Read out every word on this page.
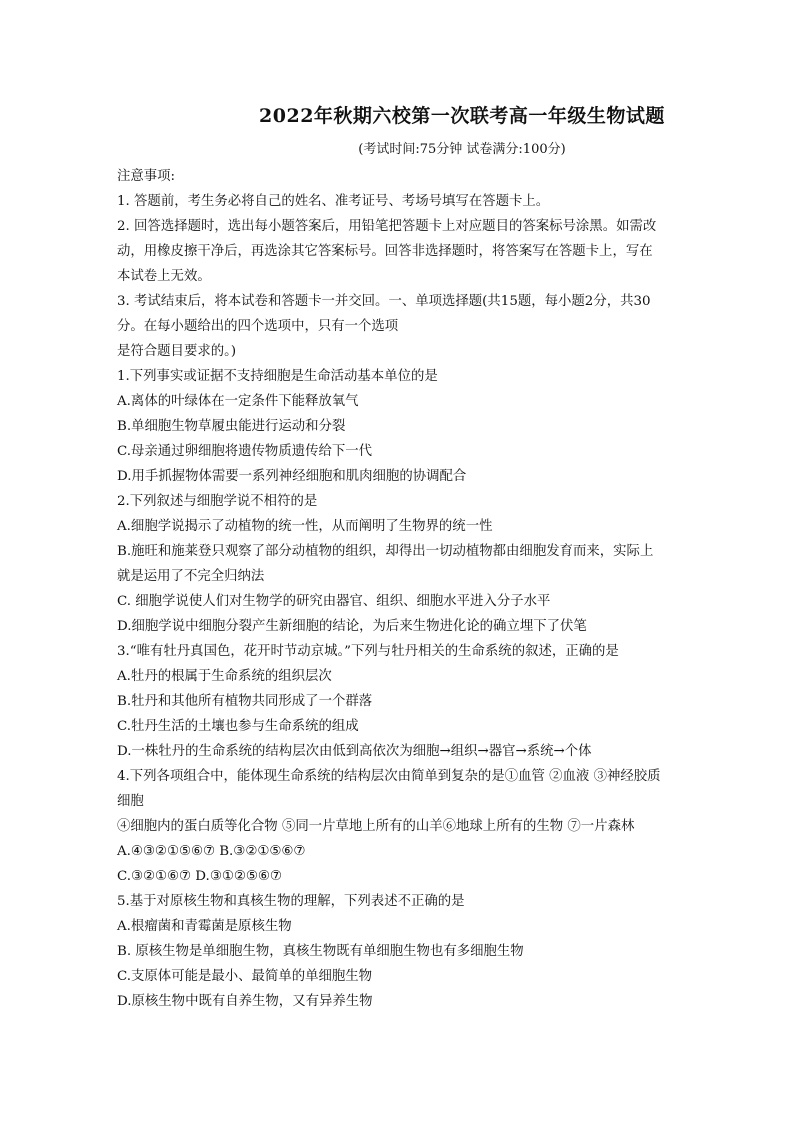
2022年秋期六校第一次联考高一年级生物试题
(考试时间:75分钟 试卷满分:100分)
注意事项:
1. 答题前，考生务必将自己的姓名、准考证号、考场号填写在答题卡上。
2. 回答选择题时，选出每小题答案后，用铅笔把答题卡上对应题目的答案标号涂黑。如需改
动，用橡皮擦干净后，再选涂其它答案标号。回答非选择题时，将答案写在答题卡上，写在
本试卷上无效。
3. 考试结束后，将本试卷和答题卡一并交回。一、单项选择题(共15题，每小题2分，共30
分。在每小题给出的四个选项中，只有一个选项
是符合题目要求的。)
1.下列事实或证据不支持细胞是生命活动基本单位的是
A.离体的叶绿体在一定条件下能释放氧气
B.单细胞生物草履虫能进行运动和分裂
C.母亲通过卵细胞将遗传物质遗传给下一代
D.用手抓握物体需要一系列神经细胞和肌肉细胞的协调配合
2.下列叙述与细胞学说不相符的是
A.细胞学说揭示了动植物的统一性，从而阐明了生物界的统一性
B.施旺和施莱登只观察了部分动植物的组织，却得出一切动植物都由细胞发育而来，实际上
就是运用了不完全归纳法
C. 细胞学说使人们对生物学的研究由器官、组织、细胞水平进入分子水平
D.细胞学说中细胞分裂产生新细胞的结论，为后来生物进化论的确立埋下了伏笔
3.“唯有牡丹真国色，花开时节动京城。”下列与牡丹相关的生命系统的叙述，正确的是
A.牡丹的根属于生命系统的组织层次
B.牡丹和其他所有植物共同形成了一个群落
C.牡丹生活的土壤也参与生命系统的组成
D.一株牡丹的生命系统的结构层次由低到高依次为细胞→组织→器官→系统→个体
4.下列各项组合中，能体现生命系统的结构层次由简单到复杂的是①血管 ②血液 ③神经胶质
细胞
④细胞内的蛋白质等化合物 ⑤同一片草地上所有的山羊⑥地球上所有的生物 ⑦一片森林
A.④③②①⑤⑥⑦ B.③②①⑤⑥⑦
C.③②①⑥⑦ D.③①②⑤⑥⑦
5.基于对原核生物和真核生物的理解，下列表述不正确的是
A.根瘤菌和青霉菌是原核生物
B. 原核生物是单细胞生物，真核生物既有单细胞生物也有多细胞生物
C.支原体可能是最小、最简单的单细胞生物
D.原核生物中既有自养生物，又有异养生物
